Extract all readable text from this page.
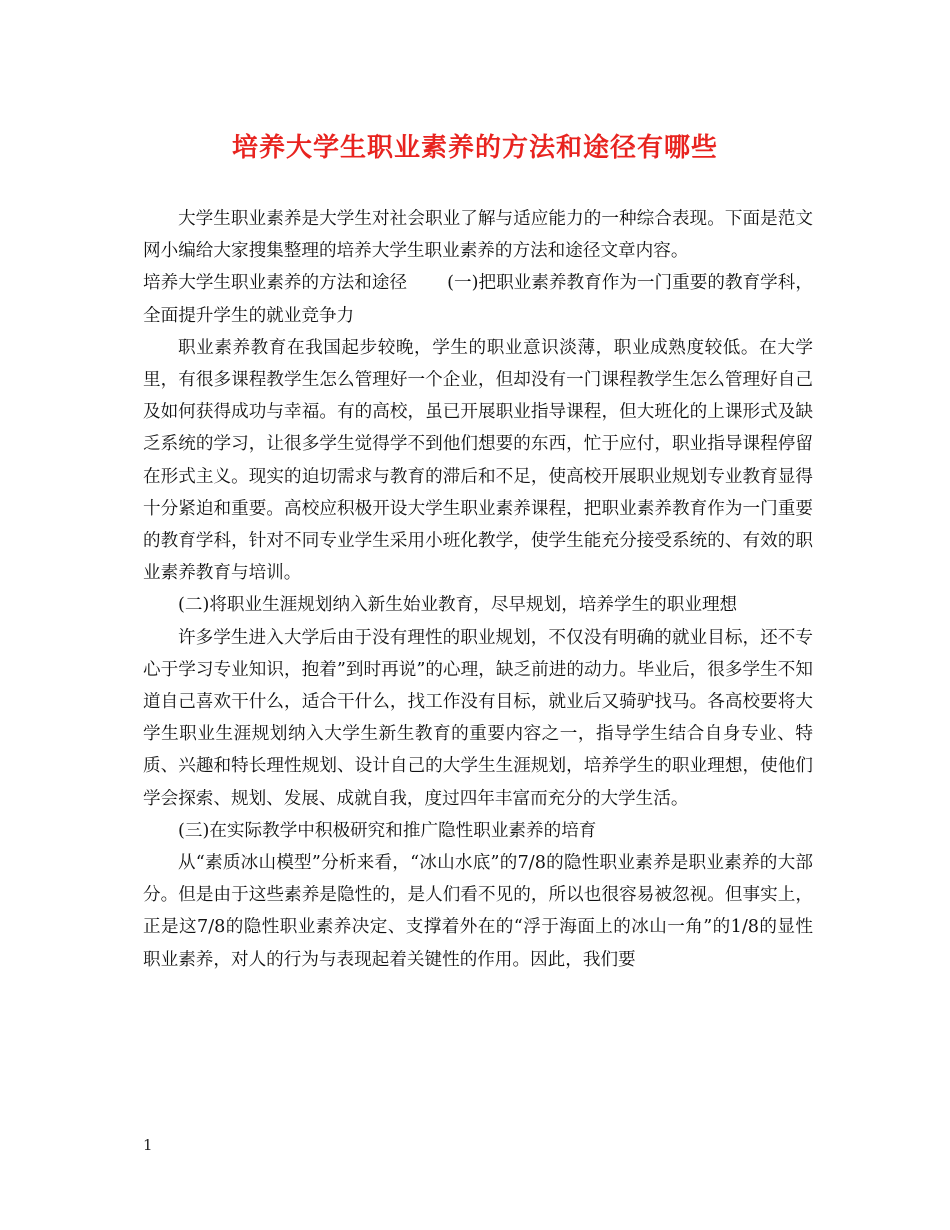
培养大学生职业素养的方法和途径有哪些

大学生职业素养是大学生对社会职业了解与适应能力的一种综合表现。下面是范文网小编给大家搜集整理的培养大学生职业素养的方法和途径文章内容。

培养大学生职业素养的方法和途径 (一)把职业素养教育作为一门重要的教育学科，全面提升学生的就业竞争力

职业素养教育在我国起步较晚，学生的职业意识淡薄，职业成熟度较低。在大学里，有很多课程教学生怎么管理好一个企业，但却没有一门课程教学生怎么管理好自己及如何获得成功与幸福。有的高校，虽已开展职业指导课程，但大班化的上课形式及缺乏系统的学习，让很多学生觉得学不到他们想要的东西，忙于应付，职业指导课程停留在形式主义。现实的迫切需求与教育的滞后和不足，使高校开展职业规划专业教育显得十分紧迫和重要。高校应积极开设大学生职业素养课程，把职业素养教育作为一门重要的教育学科，针对不同专业学生采用小班化教学，使学生能充分接受系统的、有效的职业素养教育与培训。

(二)将职业生涯规划纳入新生始业教育，尽早规划，培养学生的职业理想

许多学生进入大学后由于没有理性的职业规划，不仅没有明确的就业目标，还不专心于学习专业知识，抱着”到时再说”的心理，缺乏前进的动力。毕业后，很多学生不知道自己喜欢干什么，适合干什么，找工作没有目标，就业后又骑驴找马。各高校要将大学生职业生涯规划纳入大学生新生教育的重要内容之一，指导学生结合自身专业、特质、兴趣和特长理性规划、设计自己的大学生生涯规划，培养学生的职业理想，使他们学会探索、规划、发展、成就自我，度过四年丰富而充分的大学生活。

(三)在实际教学中积极研究和推广隐性职业素养的培育

从“素质冰山模型”分析来看，“冰山水底”的7/8的隐性职业素养是职业素养的大部分。但是由于这些素养是隐性的，是人们看不见的，所以也很容易被忽视。但事实上，正是这7/8的隐性职业素养决定、支撑着外在的“浮于海面上的冰山一角”的1/8的显性职业素养，对人的行为与表现起着关键性的作用。因此，我们要

1
